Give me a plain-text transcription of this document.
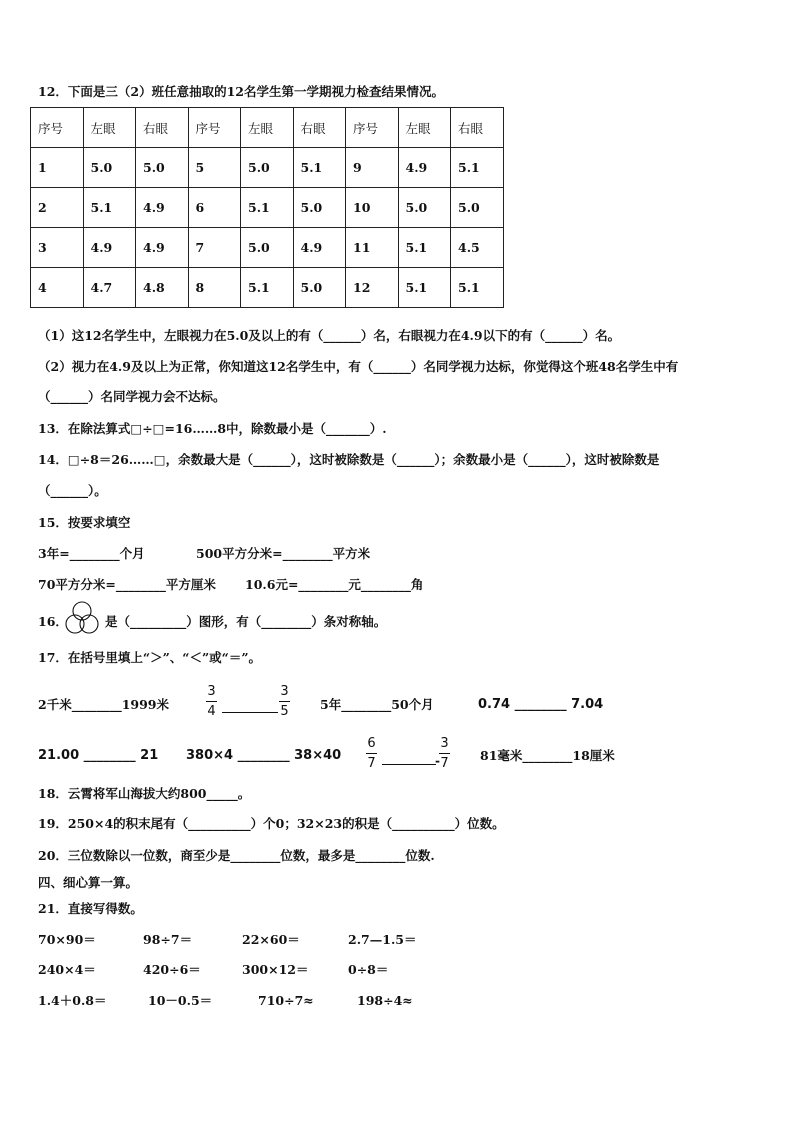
12．下面是三（2）班任意抽取的12名学生第一学期视力检查结果情况。
序号	左眼	右眼	序号	左眼	右眼	序号	左眼	右眼
1	5.0	5.0	5	5.0	5.1	9	4.9	5.1
2	5.1	4.9	6	5.1	5.0	10	5.0	5.0
3	4.9	4.9	7	5.0	4.9	11	5.1	4.5
4	4.7	4.8	8	5.1	5.0	12	5.1	5.1
（1）这12名学生中，左眼视力在5.0及以上的有（______）名，右眼视力在4.9以下的有（______）名。
（2）视力在4.9及以上为正常，你知道这12名学生中，有（______）名同学视力达标，你觉得这个班48名学生中有
（______）名同学视力会不达标。
13．在除法算式□÷□=16……8中，除数最小是（_______）.
14．□÷8＝26……□，余数最大是（______），这时被除数是（______）；余数最小是（______），这时被除数是
（______）。
15．按要求填空
3年=________个月	500平方分米=________平方米
70平方分米=________平方厘米 10.6元=________元________角
16．	是（_________）图形，有（________）条对称轴。
17．在括号里填上“＞”、“＜”或“＝”。
2千米________1999米
3
4
3
5	5年________50个月	0.74 ________ 7.04
21.00 ________ 21 380×4 ________ 38×40
6
7	-
3
7
81毫米________18厘米
18．云霄将军山海拔大约800_____。
19．250×4的积末尾有（__________）个0；32×23的积是（__________）位数。
20．三位数除以一位数，商至少是________位数，最多是________位数.
四、细心算一算。
21．直接写得数。
70×90＝	98÷7＝	22×60＝	2.7—1.5＝
240×4＝	420÷6＝	300×12＝	0÷8＝
1.4＋0.8＝	10－0.5＝	710÷7≈	198÷4≈
